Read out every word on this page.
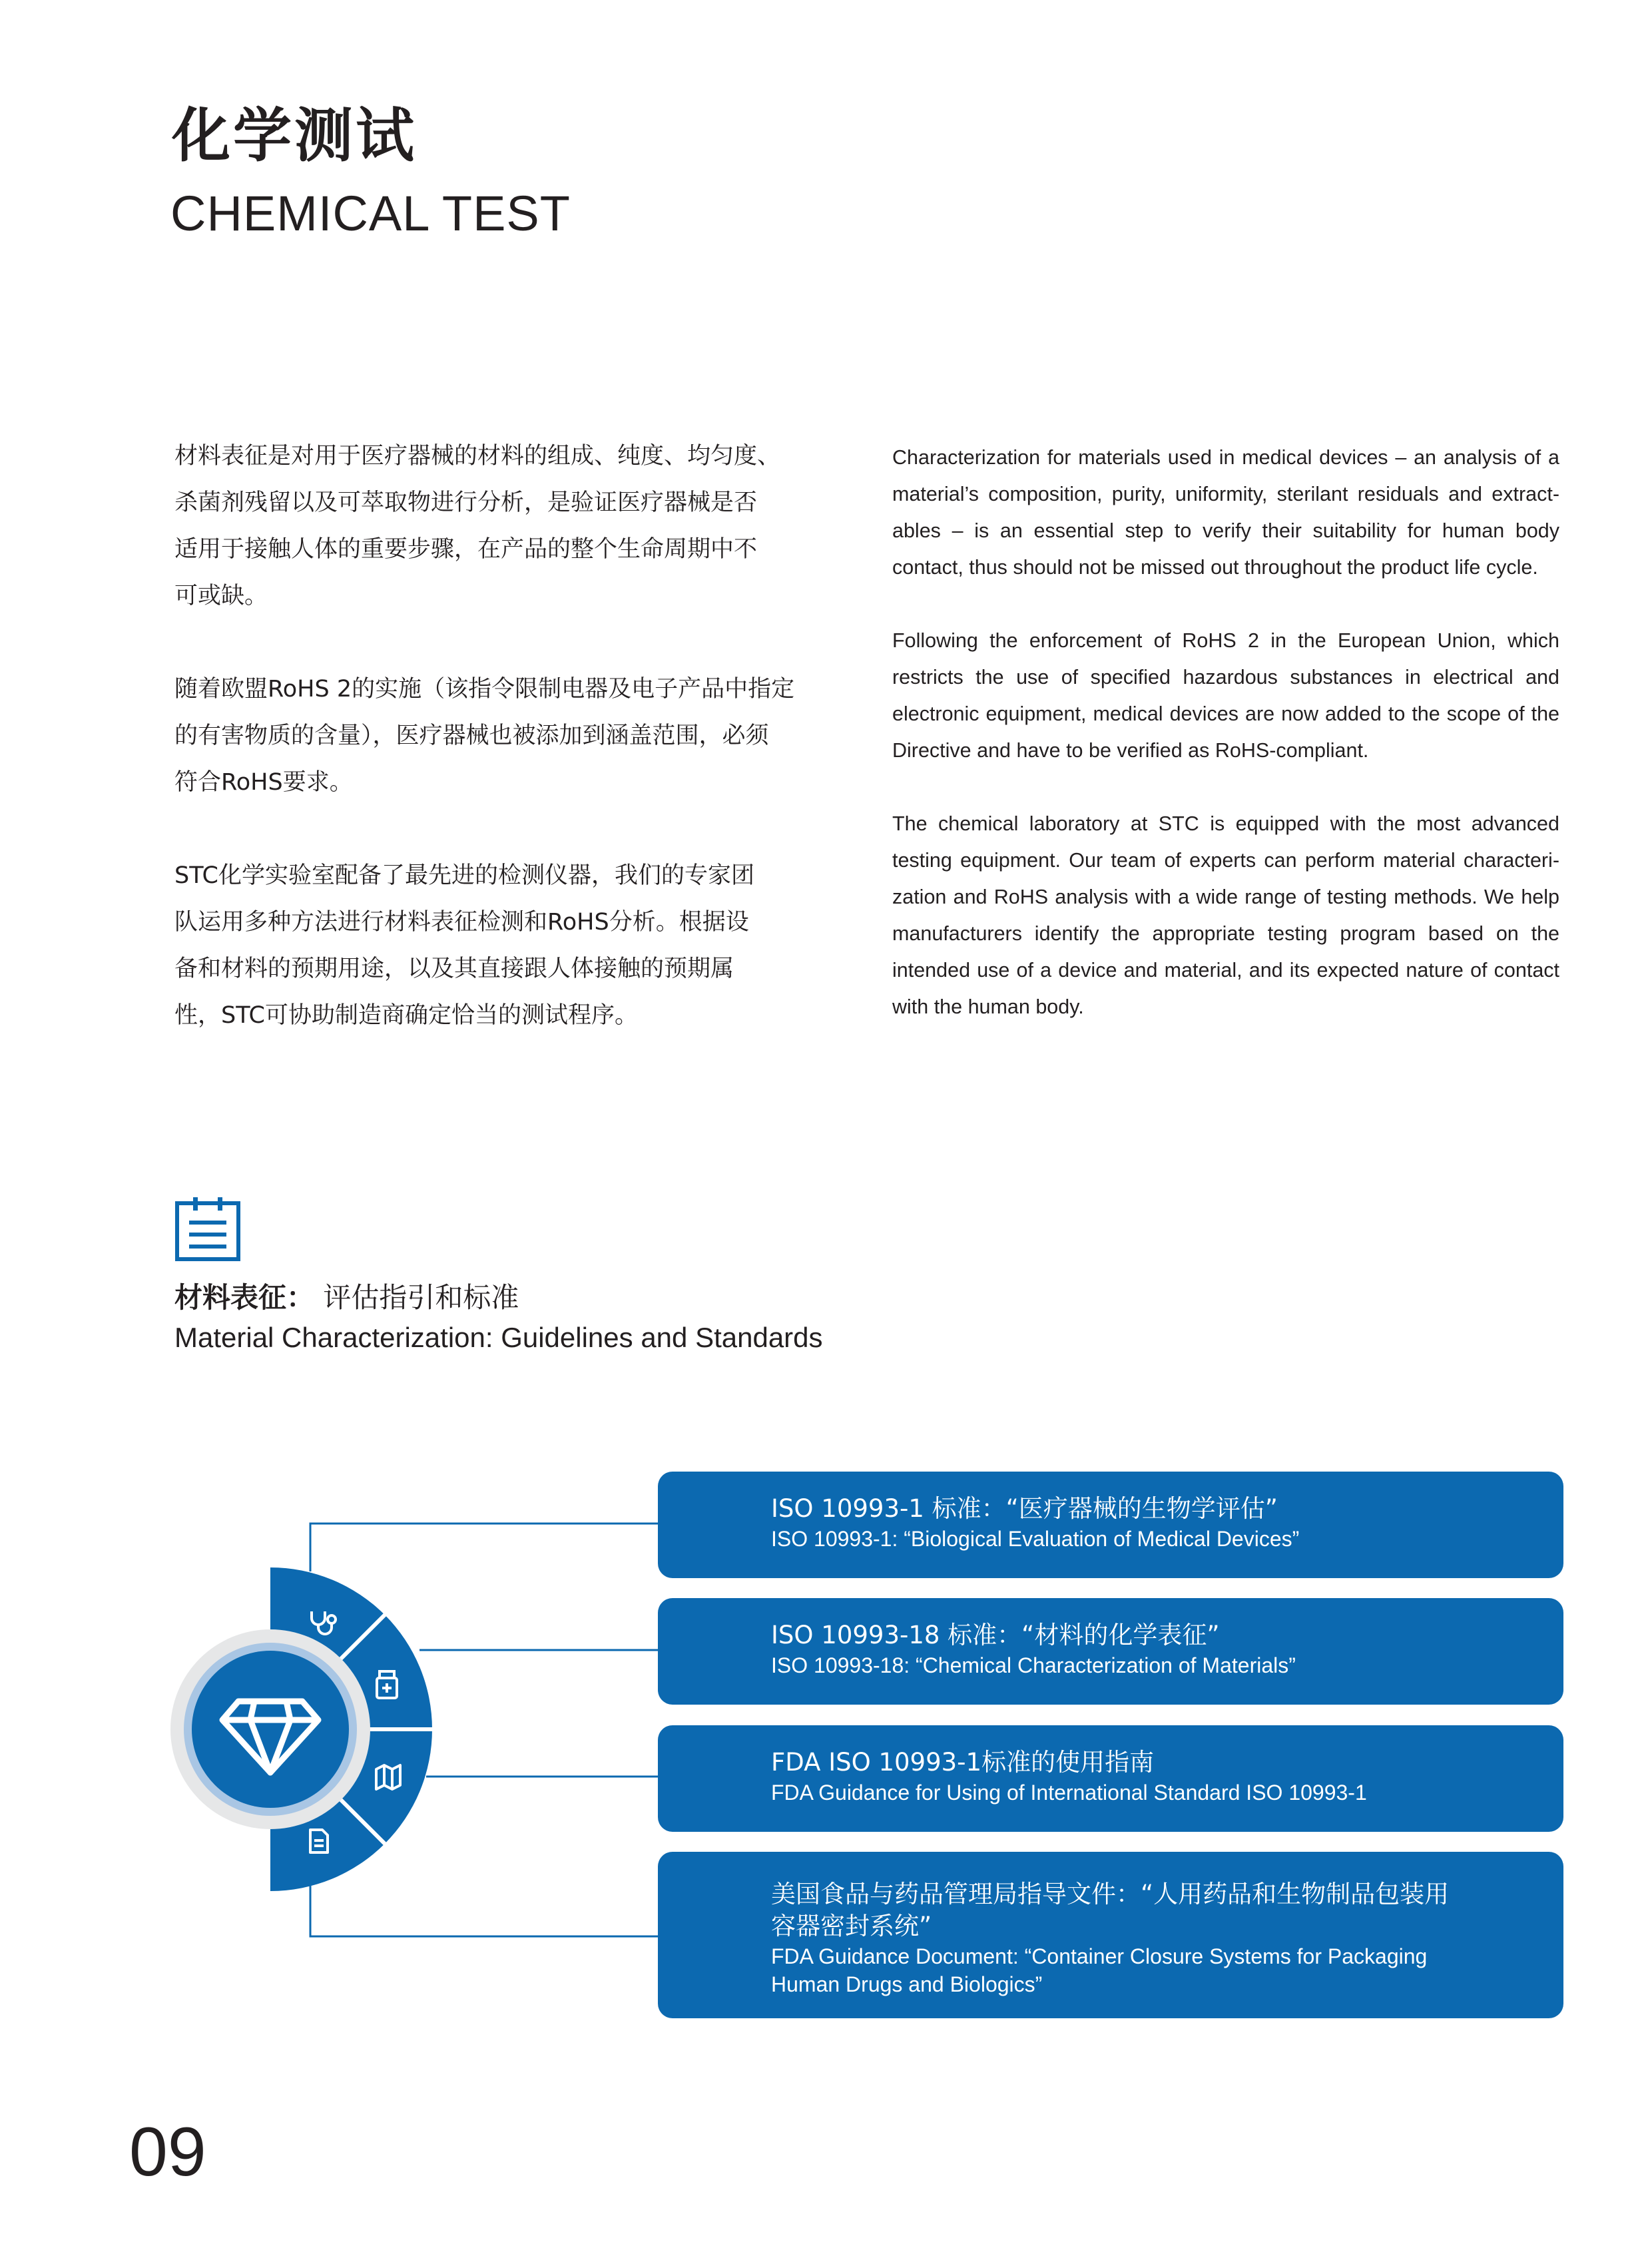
化学测试
CHEMICAL TEST

材料表征是对用于医疗器械的材料的组成、纯度、均匀度、
杀菌剂残留以及可萃取物进行分析，是验证医疗器械是否
适用于接触人体的重要步骤，在产品的整个生命周期中不
可或缺。

随着欧盟RoHS 2的实施（该指令限制电器及电子产品中指定
的有害物质的含量），医疗器械也被添加到涵盖范围，必须
符合RoHS要求。

STC化学实验室配备了最先进的检测仪器，我们的专家团
队运用多种方法进行材料表征检测和RoHS分析。根据设
备和材料的预期用途，以及其直接跟人体接触的预期属
性，STC可协助制造商确定恰当的测试程序。

Characterization for materials used in medical devices – an analysis of a
material’s composition, purity, uniformity, sterilant residuals and extract-
ables – is an essential step to verify their suitability for human body
contact, thus should not be missed out throughout the product life cycle.

Following the enforcement of RoHS 2 in the European Union, which
restricts the use of specified hazardous substances in electrical and
electronic equipment, medical devices are now added to the scope of the
Directive and have to be verified as RoHS-compliant.

The chemical laboratory at STC is equipped with the most advanced
testing equipment. Our team of experts can perform material characteri-
zation and RoHS analysis with a wide range of testing methods. We help
manufacturers identify the appropriate testing program based on the
intended use of a device and material, and its expected nature of contact
with the human body.

材料表征： 评估指引和标准
Material Characterization: Guidelines and Standards
ISO 10993-1 标准：“医疗器械的生物学评估”
ISO 10993-1: “Biological Evaluation of Medical Devices”
ISO 10993-18 标准：“材料的化学表征”
ISO 10993-18: “Chemical Characterization of Materials”
FDA ISO 10993-1标准的使用指南
FDA Guidance for Using of International Standard ISO 10993-1
美国食品与药品管理局指导文件：“人用药品和生物制品包装用
容器密封系统”
FDA Guidance Document: “Container Closure Systems for Packaging
Human Drugs and Biologics”
09
